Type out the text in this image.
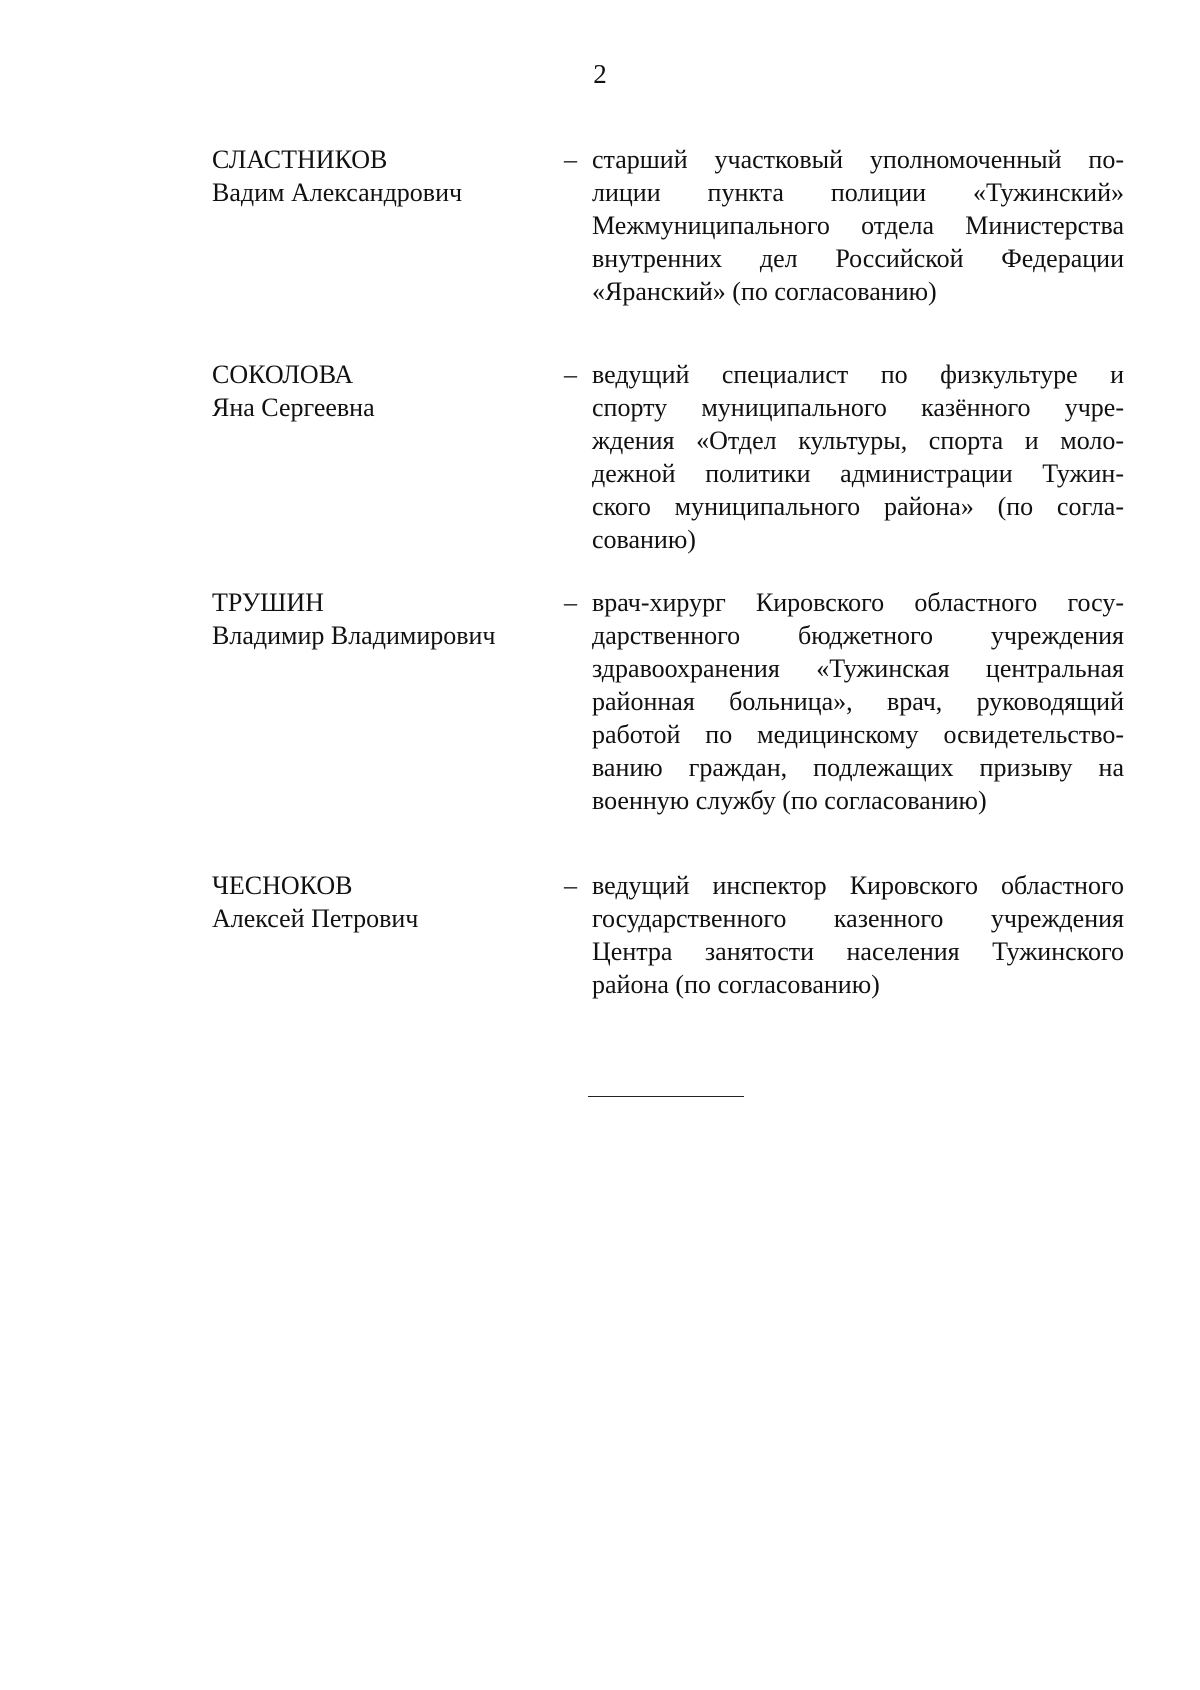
2
СЛАСТНИКОВ
Вадим Александрович
– старший участковый уполномоченный по-
лиции пункта полиции «Тужинский»
Межмуниципального отдела Министерства
внутренних дел Российской Федерации
«Яранский» (по согласованию)
СОКОЛОВА
Яна Сергеевна
– ведущий специалист по физкультуре и
спорту муниципального казённого учре-
ждения «Отдел культуры, спорта и моло-
дежной политики администрации Тужин-
ского муниципального района» (по согла-
сованию)
ТРУШИН
Владимир Владимирович
– врач-хирург Кировского областного госу-
дарственного бюджетного учреждения
здравоохранения «Тужинская центральная
районная больница», врач, руководящий
работой по медицинскому освидетельство-
ванию граждан, подлежащих призыву на
военную службу (по согласованию)
ЧЕСНОКОВ
Алексей Петрович
– ведущий инспектор Кировского областного
государственного казенного учреждения
Центра занятости населения Тужинского
района (по согласованию)
